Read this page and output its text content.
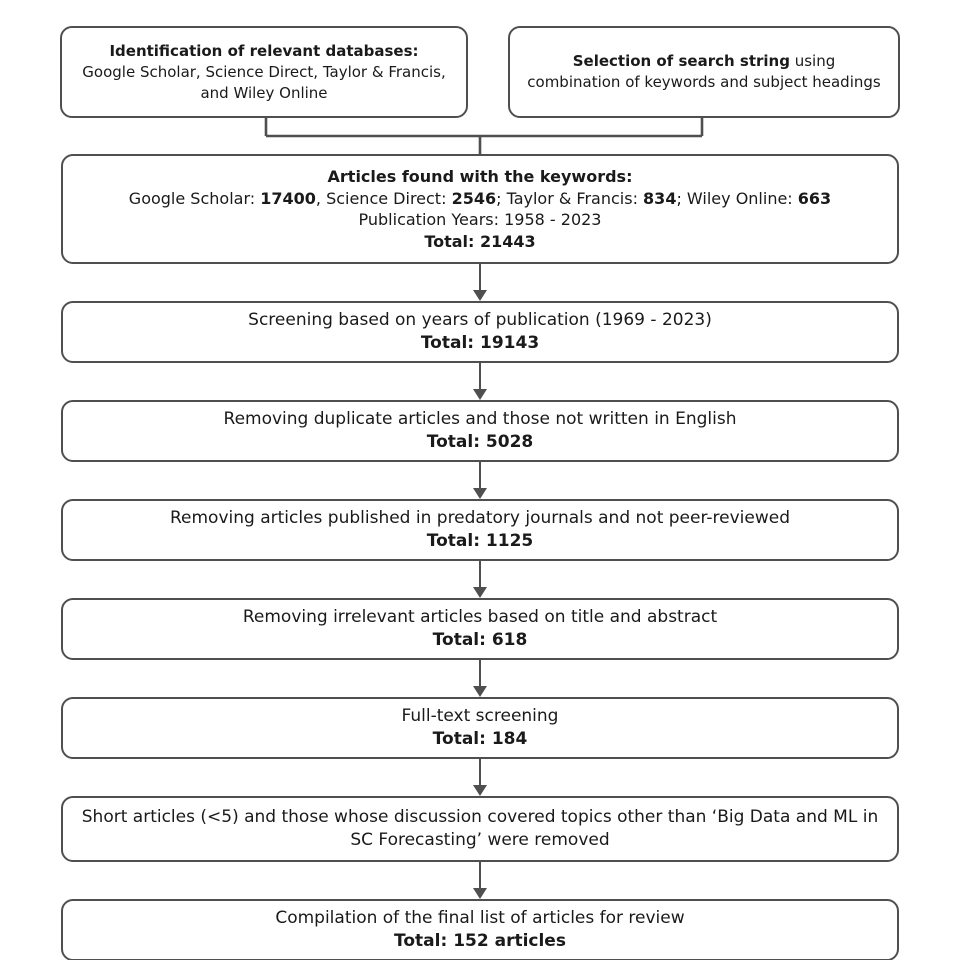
Identification of relevant databases:
Google Scholar, Science Direct, Taylor & Francis, and Wiley Online
Selection of search string using combination of keywords and subject headings
Articles found with the keywords:
Google Scholar: 17400, Science Direct: 2546; Taylor & Francis: 834; Wiley Online: 663
Publication Years: 1958 - 2023
Total: 21443
Screening based on years of publication (1969 - 2023)
Total: 19143
Removing duplicate articles and those not written in English
Total: 5028
Removing articles published in predatory journals and not peer-reviewed
Total: 1125
Removing irrelevant articles based on title and abstract
Total: 618
Full-text screening
Total: 184
Short articles (<5) and those whose discussion covered topics other than ‘Big Data and ML in SC Forecasting’ were removed
Compilation of the final list of articles for review
Total: 152 articles
